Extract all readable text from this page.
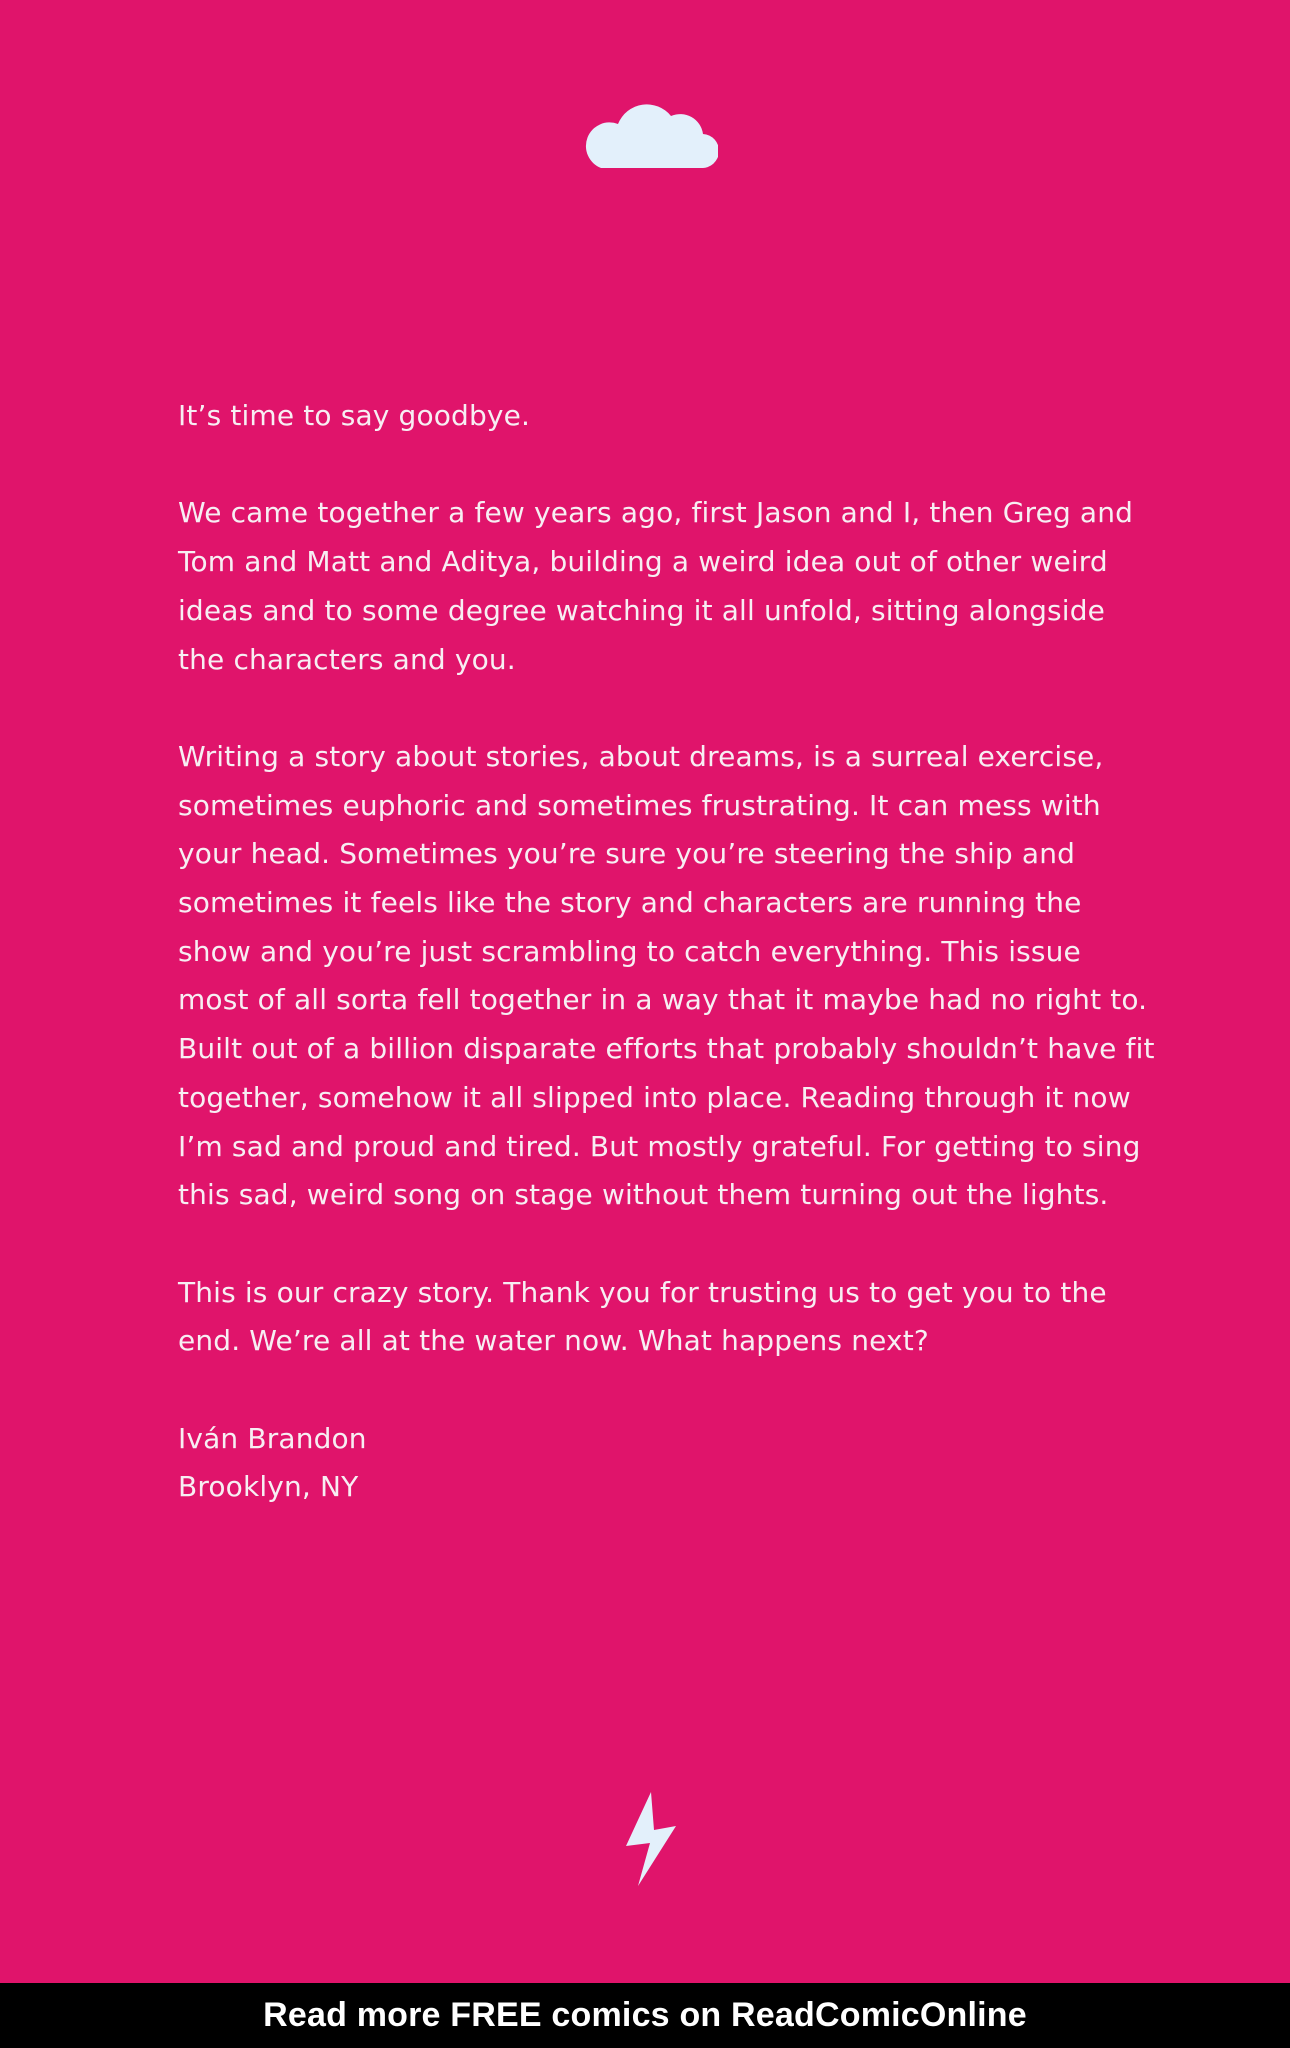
It’s time to say goodbye.

We came together a few years ago, first Jason and I, then Greg and
Tom and Matt and Aditya, building a weird idea out of other weird
ideas and to some degree watching it all unfold, sitting alongside
the characters and you.

Writing a story about stories, about dreams, is a surreal exercise,
sometimes euphoric and sometimes frustrating. It can mess with
your head. Sometimes you’re sure you’re steering the ship and
sometimes it feels like the story and characters are running the
show and you’re just scrambling to catch everything. This issue
most of all sorta fell together in a way that it maybe had no right to.
Built out of a billion disparate efforts that probably shouldn’t have fit
together, somehow it all slipped into place. Reading through it now
I’m sad and proud and tired. But mostly grateful. For getting to sing
this sad, weird song on stage without them turning out the lights.

This is our crazy story. Thank you for trusting us to get you to the
end. We’re all at the water now. What happens next?

Iván Brandon
Brooklyn, NY

Read more FREE comics on ReadComicOnline
